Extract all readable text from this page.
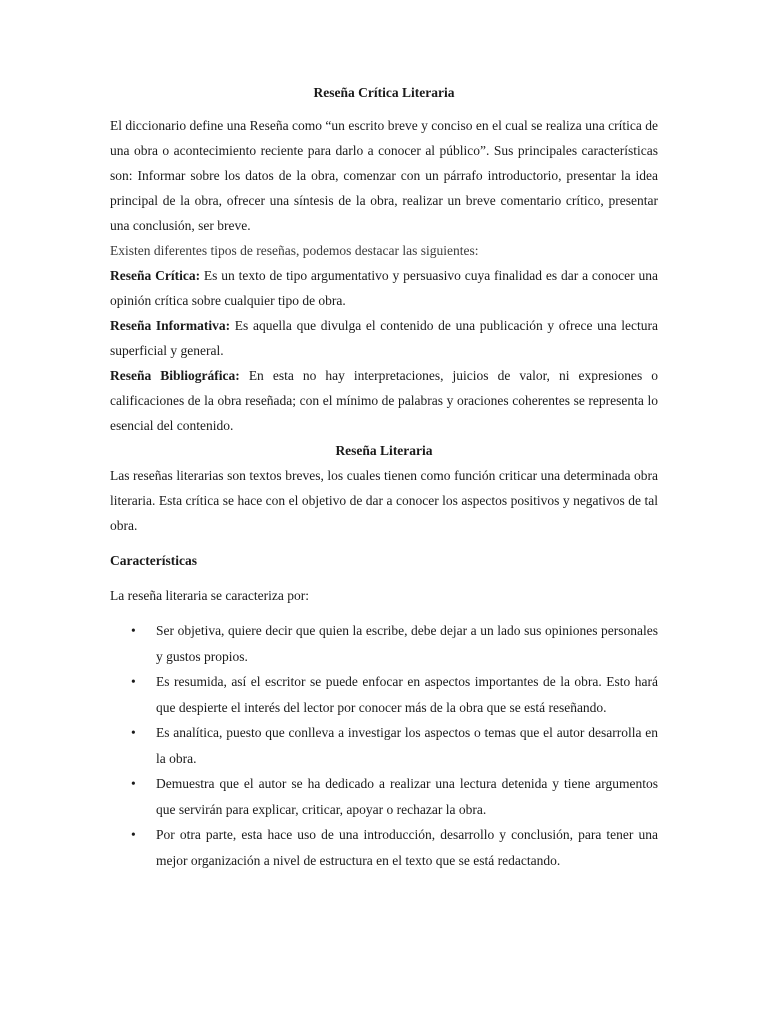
Reseña Crítica Literaria

El diccionario define una Reseña como “un escrito breve y conciso en el cual se realiza una crítica de una obra o acontecimiento reciente para darlo a conocer al público”. Sus principales características son: Informar sobre los datos de la obra, comenzar con un párrafo introductorio, presentar la idea principal de la obra, ofrecer una síntesis de la obra, realizar un breve comentario crítico, presentar una conclusión, ser breve.

Existen diferentes tipos de reseñas, podemos destacar las siguientes:

Reseña Crítica: Es un texto de tipo argumentativo y persuasivo cuya finalidad es dar a conocer una opinión crítica sobre cualquier tipo de obra.

Reseña Informativa: Es aquella que divulga el contenido de una publicación y ofrece una lectura superficial y general.

Reseña Bibliográfica: En esta no hay interpretaciones, juicios de valor, ni expresiones o calificaciones de la obra reseñada; con el mínimo de palabras y oraciones coherentes se representa lo esencial del contenido.

Reseña Literaria

Las reseñas literarias son textos breves, los cuales tienen como función criticar una determinada obra literaria. Esta crítica se hace con el objetivo de dar a conocer los aspectos positivos y negativos de tal obra.

Características

La reseña literaria se caracteriza por:

• Ser objetiva, quiere decir que quien la escribe, debe dejar a un lado sus opiniones personales y gustos propios.
• Es resumida, así el escritor se puede enfocar en aspectos importantes de la obra. Esto hará que despierte el interés del lector por conocer más de la obra que se está reseñando.
• Es analítica, puesto que conlleva a investigar los aspectos o temas que el autor desarrolla en la obra.
• Demuestra que el autor se ha dedicado a realizar una lectura detenida y tiene argumentos que servirán para explicar, criticar, apoyar o rechazar la obra.
• Por otra parte, esta hace uso de una introducción, desarrollo y conclusión, para tener una mejor organización a nivel de estructura en el texto que se está redactando.
